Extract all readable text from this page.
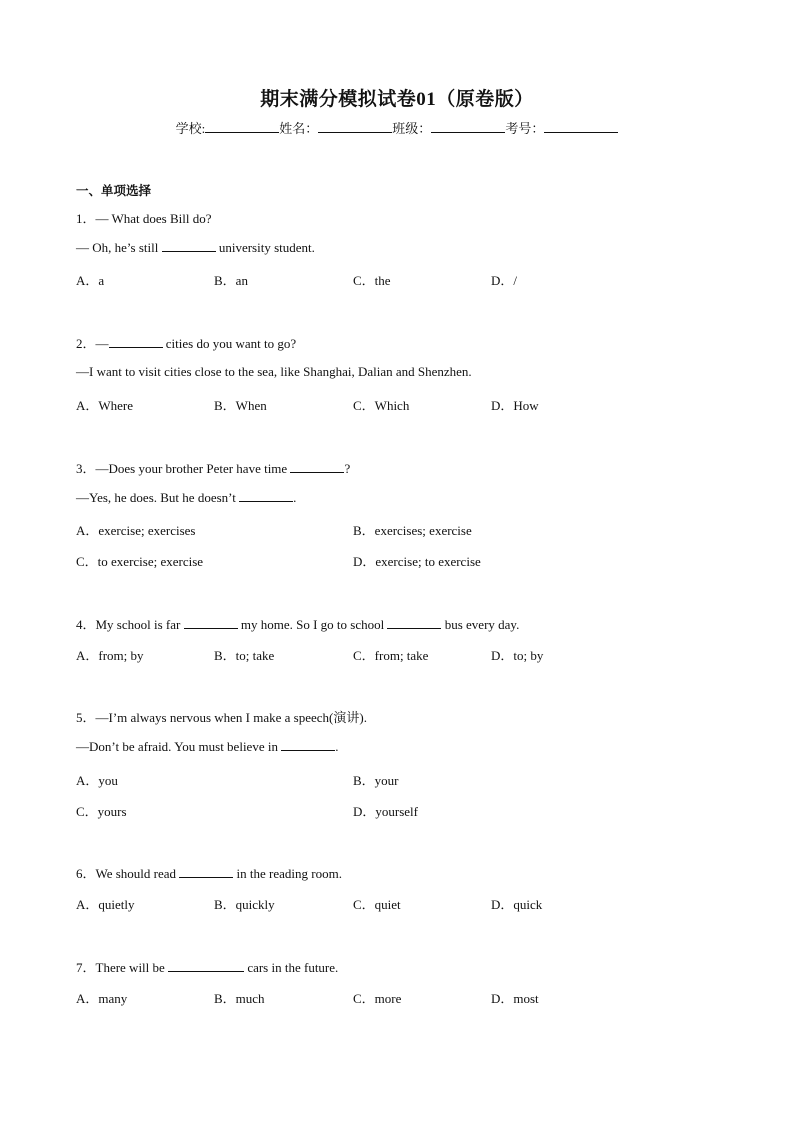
期末满分模拟试卷01（原卷版）
学校:	姓名：	班级：	考号：
一、单项选择
1．— What does Bill do?
— Oh, he’s still	university student.
A．a	B．an	C．the	D．/
2．—	cities do you want to go?
—I want to visit cities close to the sea, like Shanghai, Dalian and Shenzhen.
A．Where	B．When	C．Which	D．How
3．—Does your brother Peter have time	?
—Yes, he does. But he doesn’t	.
A．exercise; exercises	B．exercises; exercise
C．to exercise; exercise	D．exercise; to exercise
4．My school is far	my home. So I go to school	bus every day.
A．from; by	B．to; take	C．from; take	D．to; by
5．—I’m always nervous when I make a speech(演讲).
—Don’t be afraid. You must believe in	.
A．you	B．your
C．yours	D．yourself
6．We should read	in the reading room.
A．quietly	B．quickly	C．quiet	D．quick
7．There will be	cars in the future.
A．many	B．much	C．more	D．most
